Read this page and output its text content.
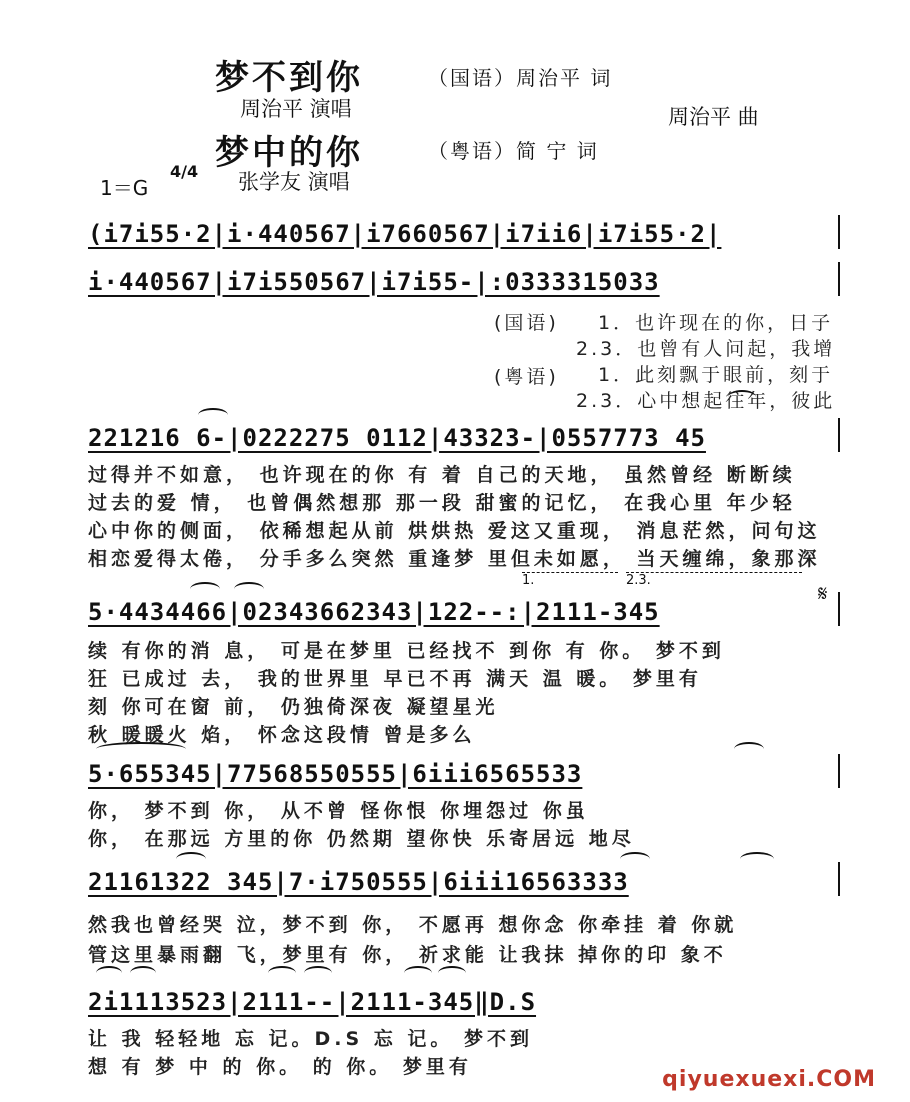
梦不到你	（国语）周治平 词
周治平 演唱	周治平 曲
梦中的你	（粤语）简 宁 词
1＝G
4/4 张学友 演唱
(i7i55·2|i·440567|i7660567|i7ii6|i7i55·2|
i·440567|i7i550567|i7i55-|:0333315033
(国语)
(粤语)
1．也许现在的你，日子
2.3．也曾有人问起，我增
1．此刻飘于眼前，刻于
2.3．心中想起往年，彼此
221216 6-|0222275 0112|43323-|0557773 45
过得并不如意， 也许现在的你 有 着 自己的天地， 虽然曾经 断断续
过去的爱 情， 也曾偶然想那 那一段 甜蜜的记忆， 在我心里 年少轻
心中你的侧面， 依稀想起从前 烘烘热 爱这又重现， 消息茫然，问句这
相恋爱得太倦， 分手多么突然 重逢梦 里但未如愿， 当天缠绵，象那深
1.	2.3.
𝄋
5·4434466|02343662343|122--:|2111-345
续 有你的消 息， 可是在梦里 已经找不 到你 有 你。 梦不到
狂 已成过 去， 我的世界里 早已不再 满天 温 暖。 梦里有
刻 你可在窗 前， 仍独倚深夜 凝望星光
秋 暖暖火 焰， 怀念这段情 曾是多么
5·655345|77568550555|6iii6565533
你， 梦不到 你， 从不曾 怪你恨 你埋怨过 你虽
你， 在那远 方里的你 仍然期 望你快 乐寄居远 地尽
21161322 345|7·i750555|6iii16563333
然我也曾经哭 泣，梦不到 你， 不愿再 想你念 你牵挂 着 你就
管这里暴雨翻 飞，梦里有 你， 祈求能 让我抹 掉你的印 象不
2i1113523|2111--|2111-345‖D.S
让 我 轻轻地 忘 记。D.S 忘 记。 梦不到
想 有 梦 中 的 你。 的 你。 梦里有	qiyuexuexi.COM
